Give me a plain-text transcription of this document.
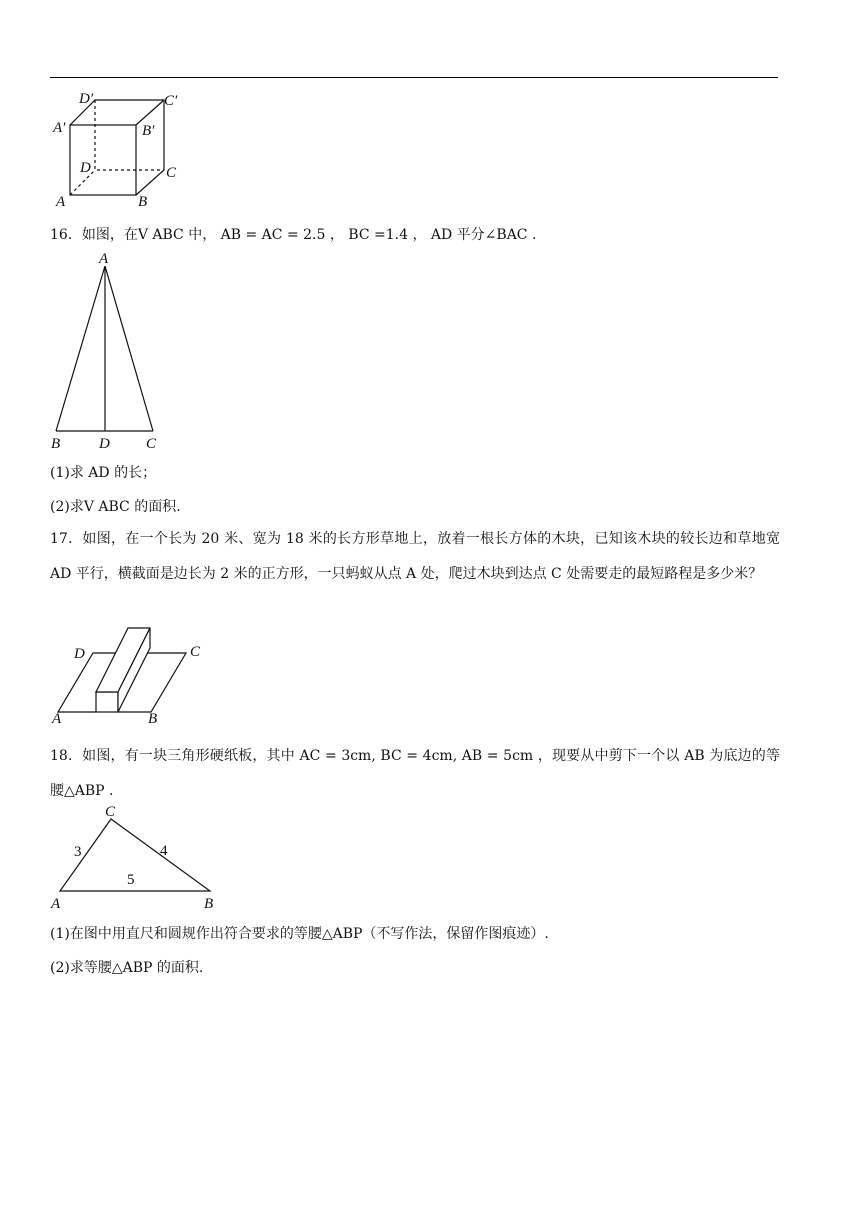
A	B
C
D
A′	B′
C′
D′
16．如图，在V ABC 中， AB = AC = 2.5 ， BC =1.4 ， AD 平分∠BAC .
A
B	D C
(1)求 AD 的长；
(2)求V ABC 的面积.
17．如图，在一个长为 20 米、宽为 18 米的长方形草地上，放着一根长方体的木块，已知该木块的较长边和草地宽 AD 平行，横截面是边长为 2 米的正方形，一只蚂蚁从点 A 处，爬过木块到达点 C 处需要走的最短路程是多少米？
D	C
A	B
18．如图，有一块三角形硬纸板，其中 AC = 3cm, BC = 4cm, AB = 5cm ，现要从中剪下一个以 AB 为底边的等腰△ABP .
C
A	B
3	4
5
(1)在图中用直尺和圆规作出符合要求的等腰△ABP（不写作法，保留作图痕迹）.
(2)求等腰△ABP 的面积.
